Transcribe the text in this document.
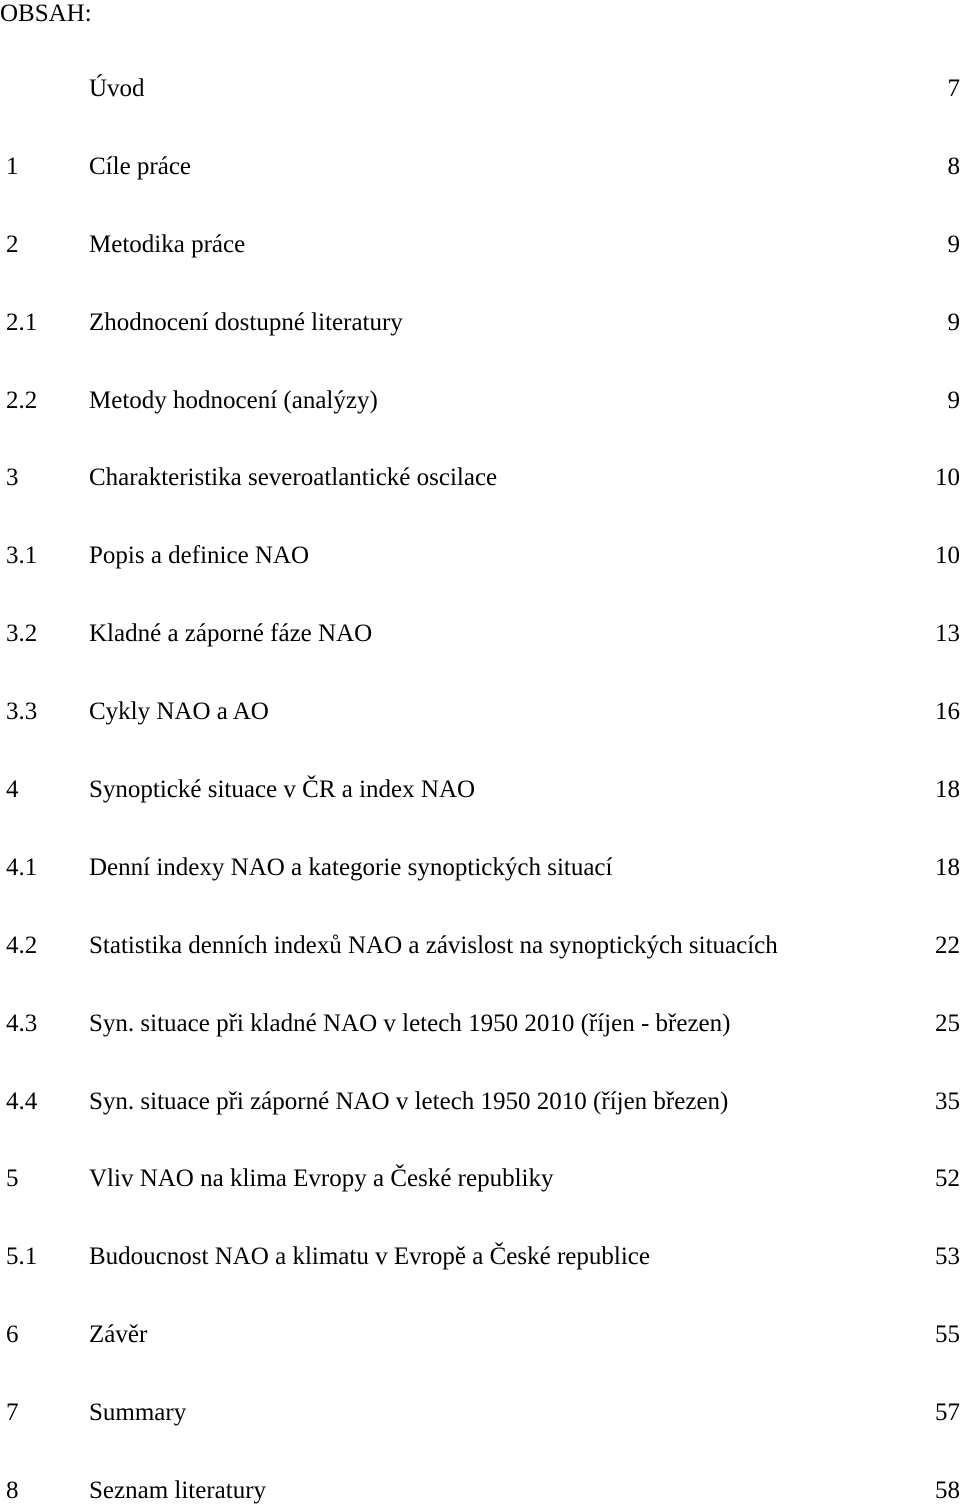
OBSAH:
Úvod	7
1	Cíle práce	8
2	Metodika práce	9
2.1 Zhodnocení dostupné literatury	9
2.2 Metody hodnocení (analýzy)	9
3	Charakteristika severoatlantické oscilace	10
3.1 Popis a definice NAO	10
3.2 Kladné a záporné fáze NAO	13
3.3 Cykly NAO a AO	16
4	Synoptické situace v ČR a index NAO	18
4.1 Denní indexy NAO a kategorie synoptických situací	18
4.2 Statistika denních indexů NAO a závislost na synoptických situacích	22
4.3 Syn. situace při kladné NAO v letech 1950 2010 (říjen - březen)	25
4.4 Syn. situace při záporné NAO v letech 1950 2010 (říjen březen)	35
5	Vliv NAO na klima Evropy a České republiky	52
5.1 Budoucnost NAO a klimatu v Evropě a České republice	53
6	Závěr	55
7	Summary	57
8	Seznam literatury	58
